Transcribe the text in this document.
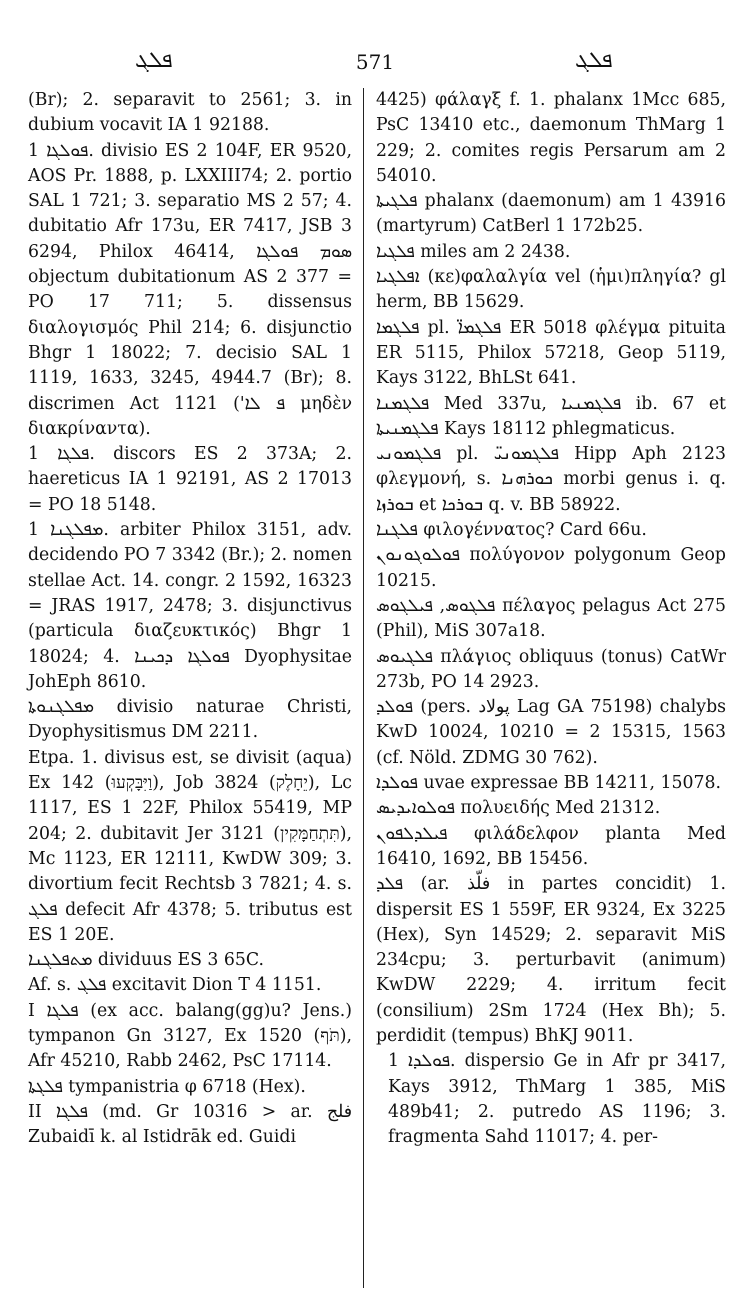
ܦܠܓ	571	ܦܠܓ
(Br); 2. separavit to 2561; 3. in dubium vocavit IA 1 92188.
ܦܘܠܓܐ 1. divisio ES 2 104F, ER 9520, AOS Pr. 1888, p. LXXIII74; 2. portio SAL 1 721; 3. separatio MS 2 57; 4. dubitatio Afr 173u, ER 7417, JSB 3 6294, Philox 46414, ܣܘܡ ܦܘܠܓܐ objectum dubitationum AS 2 377 = PO 17 711; 5. dissensus διαλογισμός Phil 214; 6. disjunctio Bhgr 1 18022; 7. decisio SAL 1 1119, 1633, 3245, 4944.7 (Br); 8. discrimen Act 1121 ('ܦ ܠܐ μηδὲν διακρίναντα).
ܦܠܓܐ 1. discors ES 2 373A; 2. haereticus IA 1 92191, AS 2 17013 = PO 18 5148.
ܡܦܠܓܢܐ 1. arbiter Philox 3151, adv. decidendo PO 7 3342 (Br.); 2. nomen stellae Act. 14. congr. 2 1592, 16323 = JRAS 1917, 2478; 3. disjunctivus (particula διαζευκτικός) Bhgr 1 18024; 4. ܦܘܠܓܐ ܕܟܝܢܐ Dyophysitae JohEph 8610.
ܡܦܠܓܢܘܬܐ divisio naturae Christi, Dyophysitismus DM 2211.
Etpa. 1. divisus est, se divisit (aqua) Ex 142 (וַיִּבָּקְעוּ), Job 3824 (יֵחָלֶק), Lc 1117, ES 1 22F, Philox 55419, MP 204; 2. dubitavit Jer 3121 (תִּתְחַמָּקִין), Mc 1123, ER 12111, KwDW 309; 3. divortium fecit Rechtsb 3 7821; 4. s. ܦܠܓ defecit Afr 4378; 5. tributus est ES 1 20E.
ܡܬܦܠܓܢܐ dividuus ES 3 65C.
Af. s. ܦܠܓ excitavit Dion T 4 1151.
I ܦܠܓܐ (ex acc. balang(gg)u? Jens.) tympanon Gn 3127, Ex 1520 (תֹּף), Afr 45210, Rabb 2462, PsC 17114.
ܦܠܓܬܐ tympanistria φ 6718 (Hex).
II ܦܠܓܐ (md. Gr 10316 > ar. فلج Zubaidī k. al Istidrāk ed. Guidi
4425) φάλαγξ f. 1. phalanx 1Mcc 685, PsC 13410 etc., daemonum ThMarg 1 229; 2. comites regis Persarum am 2 54010.
ܦܠܓܝܬܐ phalanx (daemonum) am 1 43916 (martyrum) CatBerl 1 172b25.
ܦܠܓܝܐ miles am 2 2438.
ܐܦܠܓܝܐ (κε)φαλαλγία vel (ἡμι)πληγία? gl herm, BB 15629.
ܦܠܓܡܐ pl. ܦܠܓܡܐ̈ ER 5018 φλέγμα pituita ER 5115, Philox 57218, Geop 5119, Kays 3122, BhLSt 641.
ܦܠܓܡܢܐ Med 337u, ܦܠܓܡܢܝܐ ib. 67 et ܦܠܓܡܢܝܬܐ Kays 18112 phlegmaticus.
ܦܠܓܡܘܢܝ pl. ܦܠܓܡܘܢܝ̈ Hipp Aph 2123 φλεγμονή, s. ܟܘܪܗܢܐ morbi genus i. q. ܒܘܪܙܐ et ܒܘܪܟܐ q. v. BB 58922.
ܦܠܓܢܐ φιλογέννατος? Card 66u.
ܦܘܠܘܓܘܢܘܢ πολύγονον polygonum Geop 10215.
ܦܠܓܘܣ, ܦܝܠܓܘܣ πέλαγος pelagus Act 275 (Phil), MiS 307a18.
ܦܠܓܝܘܣ πλάγιος obliquus (tonus) CatWr 273b, PO 14 2923.
ܦܘܠܕ (pers. پولاد Lag GA 75198) chalybs KwD 10024, 10210 = 2 15315, 1563 (cf. Nöld. ZDMG 30 762).
ܦܘܠܕܐ uvae expressae BB 14211, 15078.
ܦܘܠܘܐܝܕܝܣ πολυειδής Med 21312.
ܦܝܠܕܠܦܘܢ φιλάδελφον planta Med 16410, 1692, BB 15456.
ܦܠܕ (ar. فلّذ in partes concidit) 1. dispersit ES 1 559F, ER 9324, Ex 3225 (Hex), Syn 14529; 2. separavit MiS 234cpu; 3. perturbavit (animum) KwDW 2229; 4. irritum fecit (consilium) 2Sm 1724 (Hex Bh); 5. perdidit (tempus) BhKJ 9011.
ܦܘܠܕܐ 1. dispersio Ge in Afr pr 3417, Kays 3912, ThMarg 1 385, MiS 489b41; 2. putredo AS 1196; 3. fragmenta Sahd 11017; 4. per-
